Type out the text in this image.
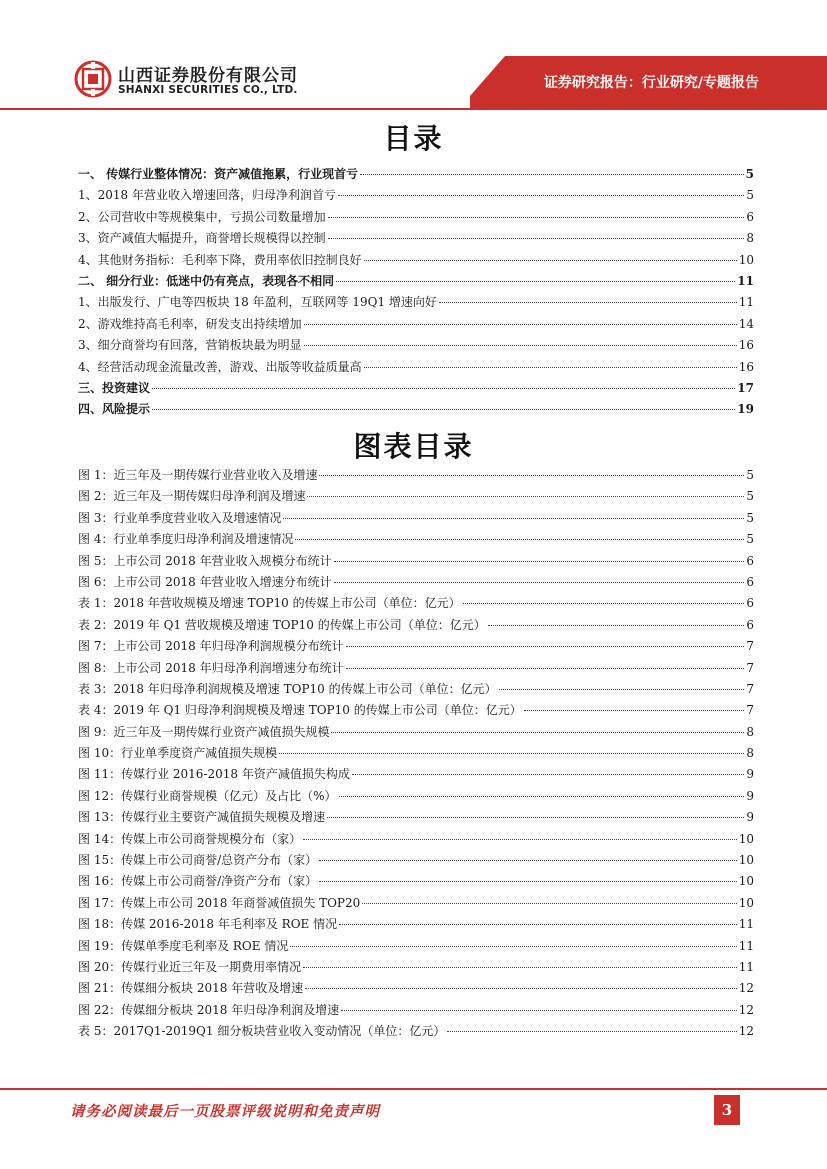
山西证券股份有限公司
SHANXI SECURITIES CO., LTD.	证券研究报告：行业研究/专题报告
目录
一、 传媒行业整体情况：资产减值拖累，行业现首亏	5
1、2018 年营业收入增速回落，归母净利润首亏	5
2、公司营收中等规模集中，亏损公司数量增加	6
3、资产减值大幅提升，商誉增长规模得以控制	8
4、其他财务指标：毛利率下降，费用率依旧控制良好	10
二、 细分行业：低迷中仍有亮点，表现各不相同	11
1、出版发行、广电等四板块 18 年盈利，互联网等 19Q1 增速向好	11
2、游戏维持高毛利率，研发支出持续增加	14
3、细分商誉均有回落，营销板块最为明显	16
4、经营活动现金流量改善，游戏、出版等收益质量高	16
三、投资建议	17
四、风险提示	19
图表目录
图 1：近三年及一期传媒行业营业收入及增速	5
图 2：近三年及一期传媒归母净利润及增速	5
图 3：行业单季度营业收入及增速情况	5
图 4：行业单季度归母净利润及增速情况	5
图 5：上市公司 2018 年营业收入规模分布统计	6
图 6：上市公司 2018 年营业收入增速分布统计	6
表 1：2018 年营收规模及增速 TOP10 的传媒上市公司（单位：亿元）	6
表 2：2019 年 Q1 营收规模及增速 TOP10 的传媒上市公司（单位：亿元）	6
图 7：上市公司 2018 年归母净利润规模分布统计	7
图 8：上市公司 2018 年归母净利润增速分布统计	7
表 3：2018 年归母净利润规模及增速 TOP10 的传媒上市公司（单位：亿元）	7
表 4：2019 年 Q1 归母净利润规模及增速 TOP10 的传媒上市公司（单位：亿元）	7
图 9：近三年及一期传媒行业资产减值损失规模	8
图 10：行业单季度资产减值损失规模	8
图 11：传媒行业 2016-2018 年资产减值损失构成	9
图 12：传媒行业商誉规模（亿元）及占比（%）	9
图 13：传媒行业主要资产减值损失规模及增速	9
图 14：传媒上市公司商誉规模分布（家）	10
图 15：传媒上市公司商誉/总资产分布（家）	10
图 16：传媒上市公司商誉/净资产分布（家）	10
图 17：传媒上市公司 2018 年商誉减值损失 TOP20	10
图 18：传媒 2016-2018 年毛利率及 ROE 情况	11
图 19：传媒单季度毛利率及 ROE 情况	11
图 20：传媒行业近三年及一期费用率情况	11
图 21：传媒细分板块 2018 年营收及增速	12
图 22：传媒细分板块 2018 年归母净利润及增速	12
表 5：2017Q1-2019Q1 细分板块营业收入变动情况（单位：亿元）	12
请务必阅读最后一页股票评级说明和免责声明	3
